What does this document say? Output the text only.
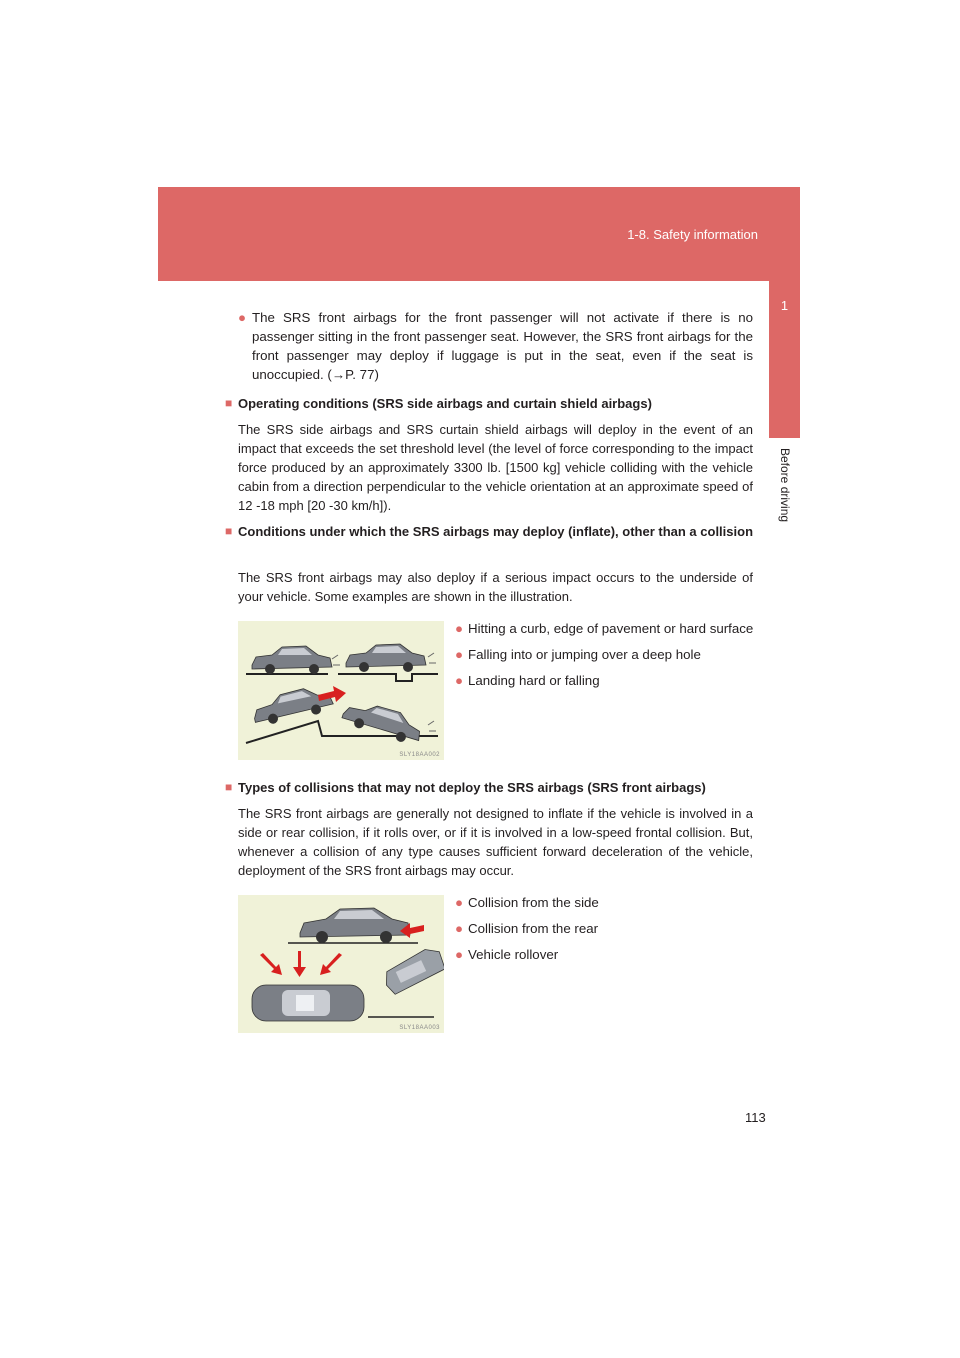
1-8. Safety information
1
Before driving
● The SRS front airbags for the front passenger will not activate if there is no passenger sitting in the front passenger seat. However, the SRS front airbags for the front passenger may deploy if luggage is put in the seat, even if the seat is unoccupied. (→P. 77)
■ Operating conditions (SRS side airbags and curtain shield airbags)
The SRS side airbags and SRS curtain shield airbags will deploy in the event of an impact that exceeds the set threshold level (the level of force corresponding to the impact force produced by an approximately 3300 lb. [1500 kg] vehicle colliding with the vehicle cabin from a direction perpendicular to the vehicle orientation at an approximate speed of 12 -18 mph [20 -30 km/h]).
■ Conditions under which the SRS airbags may deploy (inflate), other than a collision
The SRS front airbags may also deploy if a serious impact occurs to the underside of your vehicle. Some examples are shown in the illustration.
SLY18AA002
● Hitting a curb, edge of pavement or hard surface
● Falling into or jumping over a deep hole
● Landing hard or falling
■ Types of collisions that may not deploy the SRS airbags (SRS front airbags)
The SRS front airbags are generally not designed to inflate if the vehicle is involved in a side or rear collision, if it rolls over, or if it is involved in a low-speed frontal collision. But, whenever a collision of any type causes sufficient forward deceleration of the vehicle, deployment of the SRS front airbags may occur.
SLY18AA003
● Collision from the side
● Collision from the rear
● Vehicle rollover
113
